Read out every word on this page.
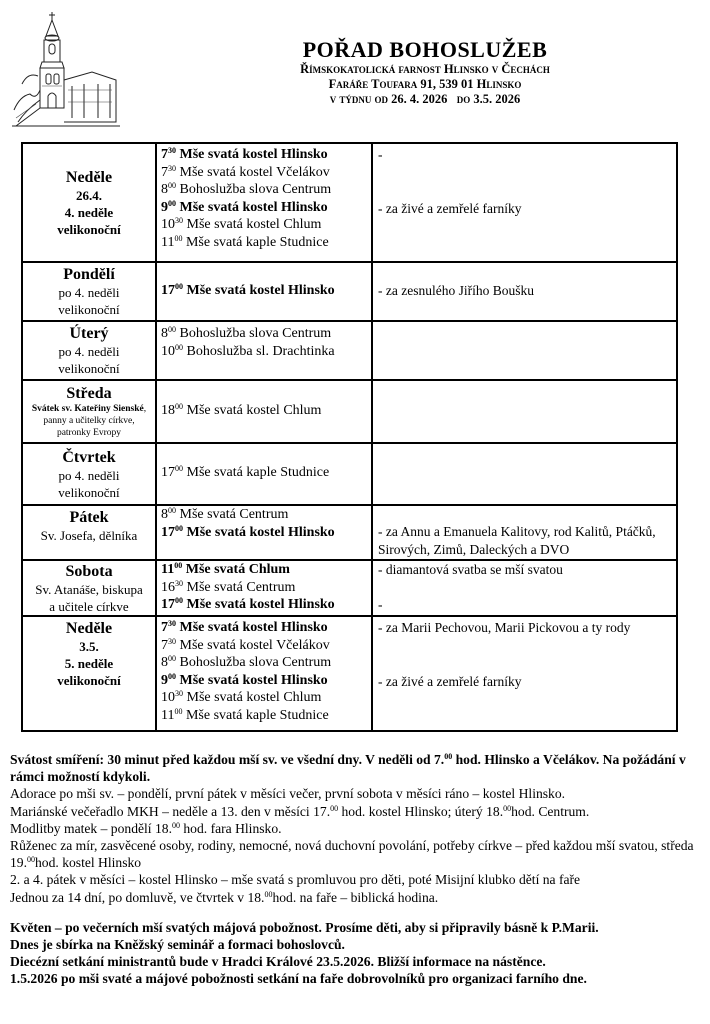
POŘAD BOHOSLUŽEB
Římskokatolická farnost Hlinsko v Čechách
Faráře Toufara 91, 539 01 Hlinsko
v týdnu od 26. 4. 2026   do 3.5. 2026
Neděle
26.4.
4. neděle
velikonoční
$7^{30}$ Mše svatá kostel Hlinsko
$7^{30}$ Mše svatá kostel Včelákov
$8^{00}$ Bohoslužba slova Centrum
$9^{00}$ Mše svatá kostel Hlinsko
$10^{30}$ Mše svatá kostel Chlum
$11^{00}$ Mše svatá kaple Studnice
-
- za živé a zemřelé farníky
Pondělí
po 4. neděli
velikonoční
$17^{00}$ Mše svatá kostel Hlinsko	- za zesnulého Jiřího Boušku
Úterý
po 4. neděli
velikonoční
$8^{00}$ Bohoslužba slova Centrum
$10^{00}$ Bohoslužba sl. Drachtinka
Středa
Svátek sv. Kateřiny Sienské, panny a učitelky církve, patronky Evropy
$18^{00}$ Mše svatá kostel Chlum
Čtvrtek
po 4. neděli
velikonoční
$17^{00}$ Mše svatá kaple Studnice
Pátek
Sv. Josefa, dělníka
$8^{00}$ Mše svatá Centrum
$17^{00}$ Mše svatá kostel Hlinsko	- za Annu a Emanuela Kalitovy, rod Kalitů, Ptáčků, Sirových, Zimů, Daleckých a DVO
Sobota
Sv. Atanáše, biskupa
a učitele církve
$11^{00}$ Mše svatá Chlum
$16^{30}$ Mše svatá Centrum
$17^{00}$ Mše svatá kostel Hlinsko
- diamantová svatba se mší svatou
-
Neděle
3.5.
5. neděle
velikonoční
$7^{30}$ Mše svatá kostel Hlinsko
$7^{30}$ Mše svatá kostel Včelákov
$8^{00}$ Bohoslužba slova Centrum
$9^{00}$ Mše svatá kostel Hlinsko
$10^{30}$ Mše svatá kostel Chlum
$11^{00}$ Mše svatá kaple Studnice
- za Marii Pechovou, Marii Pickovou a ty rody
- za živé a zemřelé farníky

Svátost smíření: 30 minut před každou mší sv. ve všední dny. V neděli od 7.00 hod. Hlinsko a Včelákov. Na požádání v rámci možností kdykoli.

Adorace po mši sv. – pondělí, první pátek v měsíci večer, první sobota v měsíci ráno – kostel Hlinsko.

Mariánské večeřadlo MKH – neděle a 13. den v měsíci 17.00 hod. kostel Hlinsko; úterý 18.00hod. Centrum.

Modlitby matek – pondělí 18.00 hod. fara Hlinsko.

Růženec za mír, zasvěcené osoby, rodiny, nemocné, nová duchovní povolání, potřeby církve – před každou mší svatou, středa 19.00hod. kostel Hlinsko

2. a 4. pátek v měsíci – kostel Hlinsko – mše svatá s promluvou pro děti, poté Misijní klubko dětí na faře

Jednou za 14 dní, po domluvě, ve čtvrtek v 18.00hod. na faře – biblická hodina.

Květen – po večerních mší svatých májová pobožnost. Prosíme děti, aby si připravily básně k P.Marii.

Dnes je sbírka na Kněžský seminář a formaci bohoslovců.

Diecézní setkání ministrantů bude v Hradci Králové 23.5.2026. Bližší informace na nástěnce.

1.5.2026 po mši svaté a májové pobožnosti setkání na faře dobrovolníků pro organizaci farního dne.
